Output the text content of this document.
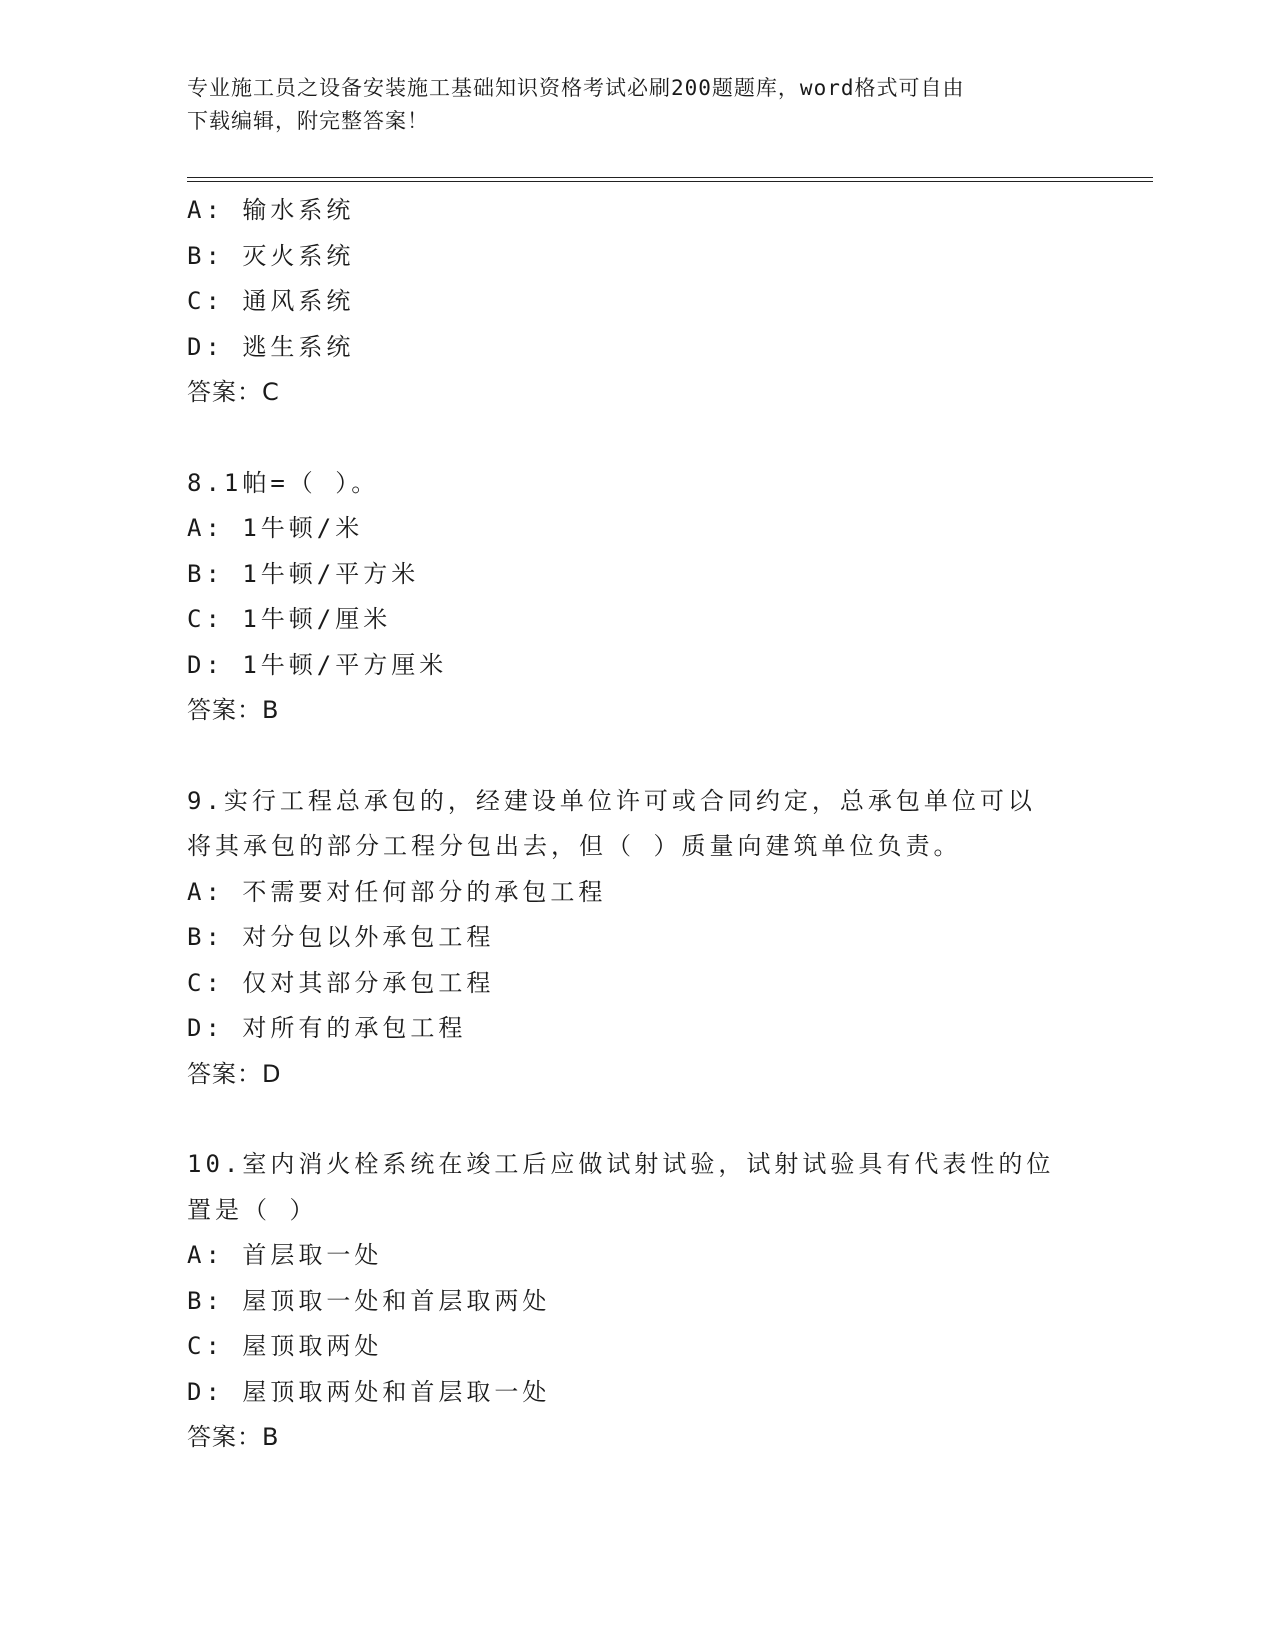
专业施工员之设备安装施工基础知识资格考试必刷200题题库，word格式可自由
下载编辑，附完整答案！
A: 输水系统
B: 灭火系统
C: 通风系统
D: 逃生系统
答案：C
8.1帕=（ ）。
A: 1牛顿/米
B: 1牛顿/平方米
C: 1牛顿/厘米
D: 1牛顿/平方厘米
答案：B
9.实行工程总承包的，经建设单位许可或合同约定，总承包单位可以
将其承包的部分工程分包出去，但（ ）质量向建筑单位负责。
A: 不需要对任何部分的承包工程
B: 对分包以外承包工程
C: 仅对其部分承包工程
D: 对所有的承包工程
答案：D
10.室内消火栓系统在竣工后应做试射试验，试射试验具有代表性的位
置是（ ）
A: 首层取一处
B: 屋顶取一处和首层取两处
C: 屋顶取两处
D: 屋顶取两处和首层取一处
答案：B
